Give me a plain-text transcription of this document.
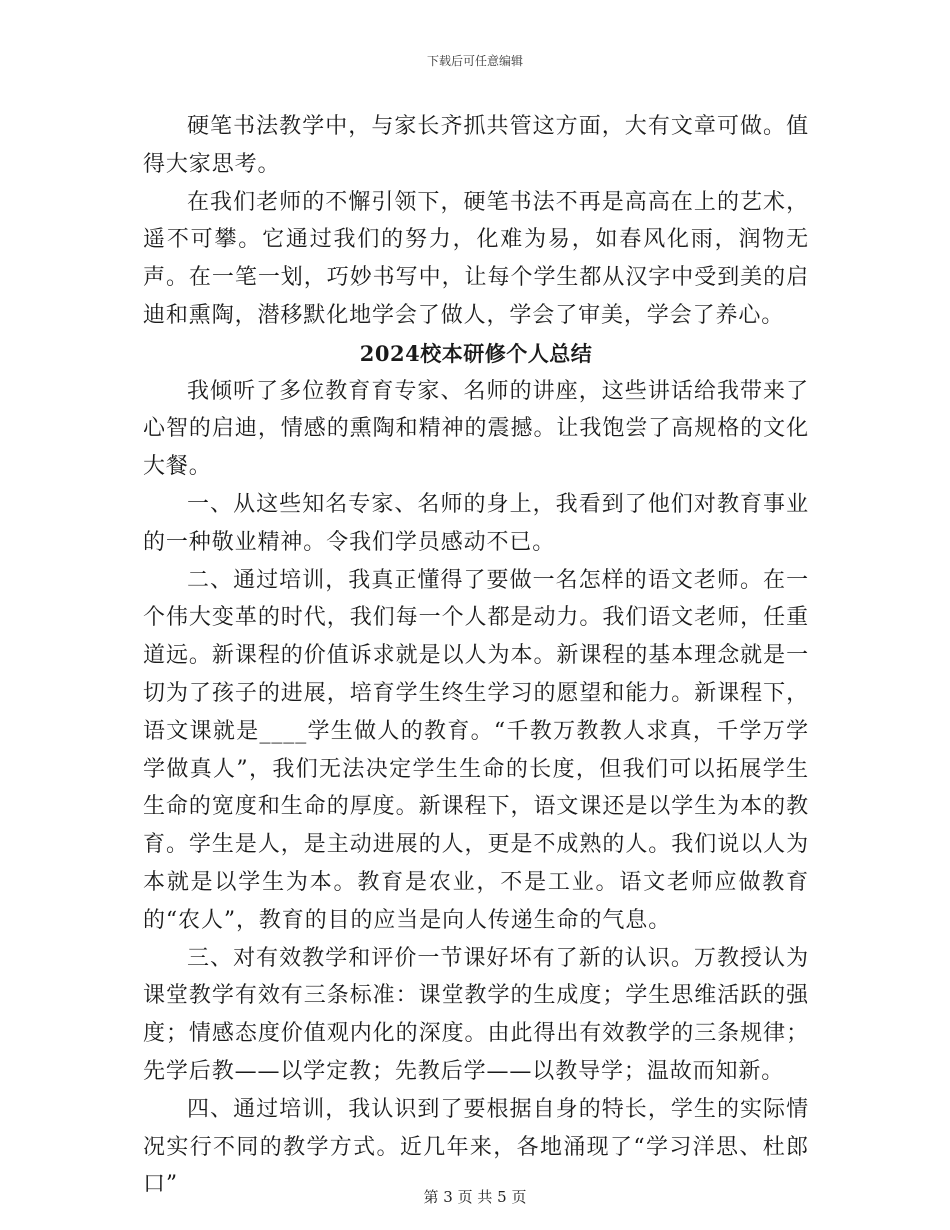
下载后可任意编辑

硬笔书法教学中，与家长齐抓共管这方面，大有文章可做。值得大家思考。

在我们老师的不懈引领下，硬笔书法不再是高高在上的艺术，遥不可攀。它通过我们的努力，化难为易，如春风化雨，润物无声。在一笔一划，巧妙书写中，让每个学生都从汉字中受到美的启迪和熏陶，潜移默化地学会了做人，学会了审美，学会了养心。

2024校本研修个人总结

我倾听了多位教育育专家、名师的讲座，这些讲话给我带来了心智的启迪，情感的熏陶和精神的震撼。让我饱尝了高规格的文化大餐。

一、从这些知名专家、名师的身上，我看到了他们对教育事业的一种敬业精神。令我们学员感动不已。

二、通过培训，我真正懂得了要做一名怎样的语文老师。在一个伟大变革的时代，我们每一个人都是动力。我们语文老师，任重道远。新课程的价值诉求就是以人为本。新课程的基本理念就是一切为了孩子的进展，培育学生终生学习的愿望和能力。新课程下，语文课就是____学生做人的教育。“千教万教教人求真，千学万学学做真人”，我们无法决定学生生命的长度，但我们可以拓展学生生命的宽度和生命的厚度。新课程下，语文课还是以学生为本的教育。学生是人，是主动进展的人，更是不成熟的人。我们说以人为本就是以学生为本。教育是农业，不是工业。语文老师应做教育的“农人”，教育的目的应当是向人传递生命的气息。

三、对有效教学和评价一节课好坏有了新的认识。万教授认为课堂教学有效有三条标准：课堂教学的生成度；学生思维活跃的强度；情感态度价值观内化的深度。由此得出有效教学的三条规律；先学后教——以学定教；先教后学——以教导学；温故而知新。

四、通过培训，我认识到了要根据自身的特长，学生的实际情况实行不同的教学方式。近几年来，各地涌现了“学习洋思、杜郎口”	第 3 页 共 5 页
